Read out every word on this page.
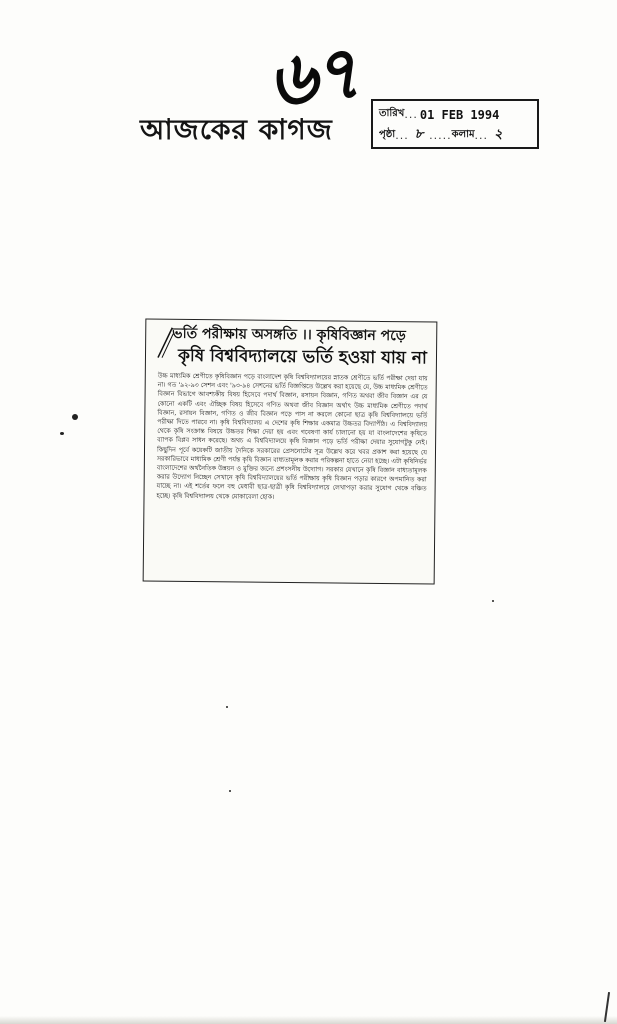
৬৭
আজকের কাগজ	তারিখ ... 01 FEB 1994
পৃষ্ঠা ... ৮ ..... কলাম ... ২
ভর্তি পরীক্ষায় অসঙ্গতি ।। কৃষিবিজ্ঞান পড়ে
কৃষি বিশ্ববিদ্যালয়ে ভর্তি হওয়া যায় না
উচ্চ মাধ্যমিক শ্রেণীতে কৃষিবিজ্ঞান পড়ে বাংলাদেশ কৃষি বিশ্ববিদ্যালয়ের স্নাতক শ্রেণীতে ভর্তি পরীক্ষা দেয়া যায় না। গত '৯২-৯৩ সেশন এবং '৯৩-৯৪ সেশনের ভর্তি বিজ্ঞপ্তিতে উল্লেখ করা হয়েছে যে, উচ্চ মাধ্যমিক শ্রেণীতে বিজ্ঞান বিভাগে আবশ্যকীয় বিষয় হিসেবে পদার্থ বিজ্ঞান, রসায়ন বিজ্ঞান, গণিত অথবা জীব বিজ্ঞান এর যে কোনো একটি এবং ঐচ্ছিক বিষয় হিসেবে গণিত অথবা জীব বিজ্ঞান অর্থাৎ উচ্চ মাধ্যমিক শ্রেণীতে পদার্থ বিজ্ঞান, রসায়ন বিজ্ঞান, গণিত ও জীব বিজ্ঞান পড়ে পাস না করলে কোনো ছাত্র কৃষি বিশ্ববিদ্যালয়ে ভর্তি পরীক্ষা দিতে পারবে না। কৃষি বিশ্ববিদ্যালয় এ দেশের কৃষি শিক্ষার একমাত্র উচ্চতর বিদ্যাপীঠ। এ বিশ্ববিদ্যালয় থেকে কৃষি সংক্রান্ত বিষয়ে উচ্চতর শিক্ষা দেয়া হয় এবং গবেষণা কার্য চালানো হয় যা বাংলাদেশের কৃষিতে ব্যাপক বিপ্লব সাধন করেছে। অথচ এ বিশ্ববিদ্যালয়ে কৃষি বিজ্ঞান পড়ে ভর্তি পরীক্ষা দেয়ার সুযোগটুকু নেই। কিছুদিন পূর্বে কয়েকটি জাতীয় দৈনিকে সরকারের প্রেসনোটের সূত্র উল্লেখ করে খবর প্রকাশ করা হয়েছে যে সরকারিভাবে মাধ্যমিক শ্রেণী পর্যন্ত কৃষি বিজ্ঞান বাধ্যতামূলক করার পরিকল্পনা হাতে নেয়া হচ্ছে। এটা কৃষিনির্ভর বাংলাদেশের অর্থনৈতিক উন্নয়ন ও মুক্তির জন্যে প্রশংসনীয় উদ্যোগ। সরকার যেখানে কৃষি বিজ্ঞান বাধ্যতামূলক করার উদ্যোগ নিচ্ছেন সেখানে কৃষি বিশ্ববিদ্যালয়ের ভর্তি পরীক্ষায় কৃষি বিজ্ঞান পড়ার কারণে অপমানিত করা যাচ্ছে না। এই শর্তের ফলে বহু মেধাবী ছাত্র-ছাত্রী কৃষি বিশ্ববিদ্যালয়ে লেখাপড়া করার সুযোগ থেকে বঞ্চিত হচ্ছে। কৃষি বিশ্ববিদ্যালয় থেকে মোকাবেলা হোক।
